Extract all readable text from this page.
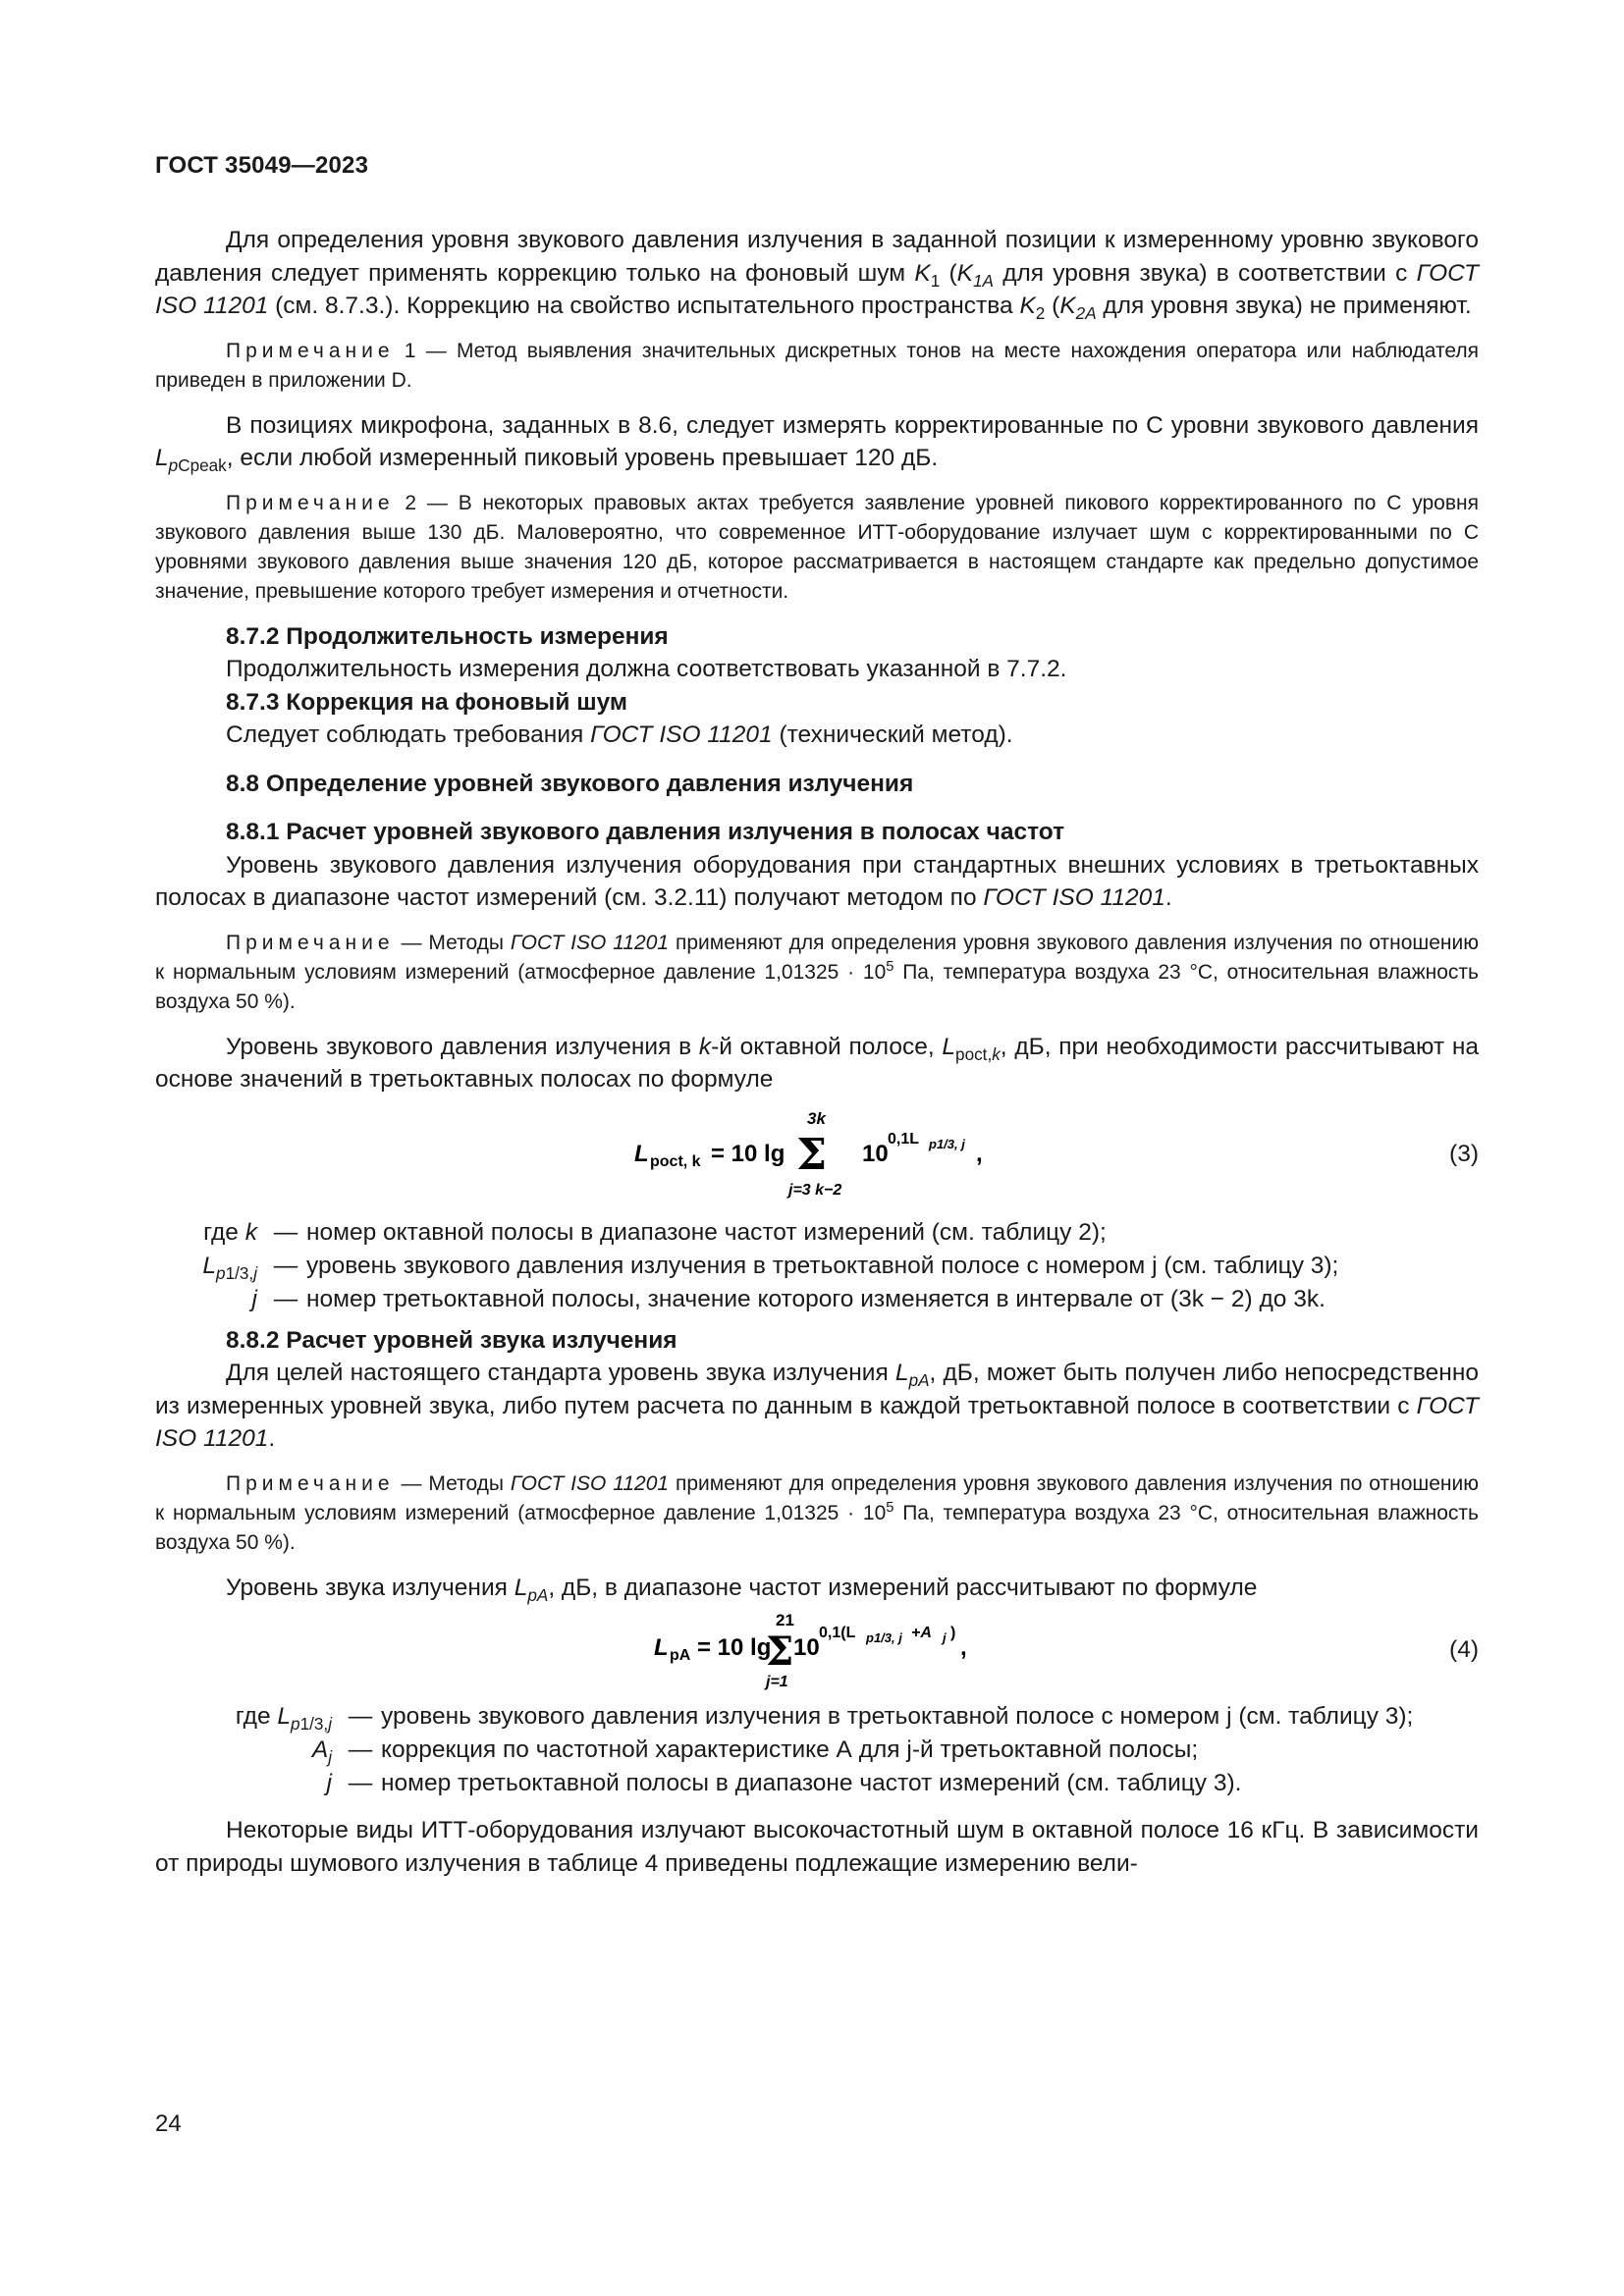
ГОСТ 35049—2023

Для определения уровня звукового давления излучения в заданной позиции к измеренному уровню звукового давления следует применять коррекцию только на фоновый шум $K_1$ ($K_{1A}$ для уровня звука) в соответствии с ГОСТ ISO 11201 (см. 8.7.3.). Коррекцию на свойство испытательного пространства $K_2$ ($K_{2A}$ для уровня звука) не применяют.

Примечание 1 — Метод выявления значительных дискретных тонов на месте нахождения оператора или наблюдателя приведен в приложении D.

В позициях микрофона, заданных в 8.6, следует измерять корректированные по С уровни звукового давления $L_{pCpeak}$, если любой измеренный пиковый уровень превышает 120 дБ.

Примечание 2 — В некоторых правовых актах требуется заявление уровней пикового корректированного по С уровня звукового давления выше 130 дБ. Маловероятно, что современное ИТТ-оборудование излучает шум с корректированными по С уровнями звукового давления выше значения 120 дБ, которое рассматривается в настоящем стандарте как предельно допустимое значение, превышение которого требует измерения и отчетности.

8.7.2 Продолжительность измерения

Продолжительность измерения должна соответствовать указанной в 7.7.2.

8.7.3 Коррекция на фоновый шум

Следует соблюдать требования ГОСТ ISO 11201 (технический метод).

8.8 Определение уровней звукового давления излучения

8.8.1 Расчет уровней звукового давления излучения в полосах частот

Уровень звукового давления излучения оборудования при стандартных внешних условиях в третьоктавных полосах в диапазоне частот измерений (см. 3.2.11) получают методом по ГОСТ ISO 11201.

Примечание — Методы ГОСТ ISO 11201 применяют для определения уровня звукового давления излучения по отношению к нормальным условиям измерений (атмосферное давление $1,01325 \cdot 10^5$ Па, температура воздуха 23 °С, относительная влажность воздуха 50 %).

Уровень звукового давления излучения в k-й октавной полосе, $L_{poct,k}$, дБ, при необходимости рассчитывают на основе значений в третьоктавных полосах по формуле

L poct, k = 10 lg
3k
Σ
j=3 k−2
10
0,1L p1/3, j ,	(3)
где k — номер октавной полосы в диапазоне частот измерений (см. таблицу 2);
$L_{p1/3,j}$ — уровень звукового давления излучения в третьоктавной полосе с номером j (см. таблицу 3);
j — номер третьоктавной полосы, значение которого изменяется в интервале от (3k − 2) до 3k.

8.8.2 Расчет уровней звука излучения

Для целей настоящего стандарта уровень звука излучения $L_{pA}$, дБ, может быть получен либо непосредственно из измеренных уровней звука, либо путем расчета по данным в каждой третьоктавной полосе в соответствии с ГОСТ ISO 11201.

Примечание — Методы ГОСТ ISO 11201 применяют для определения уровня звукового давления излучения по отношению к нормальным условиям измерений (атмосферное давление $1,01325 \cdot 10^5$ Па, температура воздуха 23 °С, относительная влажность воздуха 50 %).

Уровень звука излучения $L_{pA}$, дБ, в диапазоне частот измерений рассчитывают по формуле

L pA = 10 lg
21
Σ
j=1
10
0,1(L p1/3, j +A j )
,	(4)
где $L_{p1/3,j}$ — уровень звукового давления излучения в третьоктавной полосе с номером j (см. таблицу 3);
$A_j$ — коррекция по частотной характеристике А для j-й третьоктавной полосы;
j — номер третьоктавной полосы в диапазоне частот измерений (см. таблицу 3).

Некоторые виды ИТТ-оборудования излучают высокочастотный шум в октавной полосе 16 кГц. В зависимости от природы шумового излучения в таблице 4 приведены подлежащие измерению вели-

24
